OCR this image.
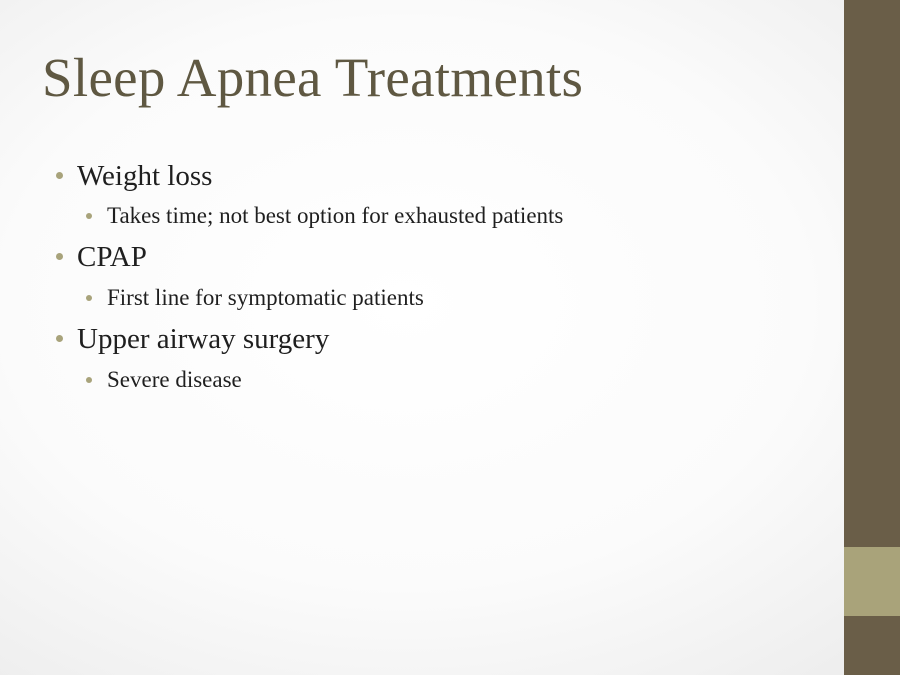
Sleep Apnea Treatments
Weight loss
Takes time; not best option for exhausted patients
CPAP
First line for symptomatic patients
Upper airway surgery
Severe disease
